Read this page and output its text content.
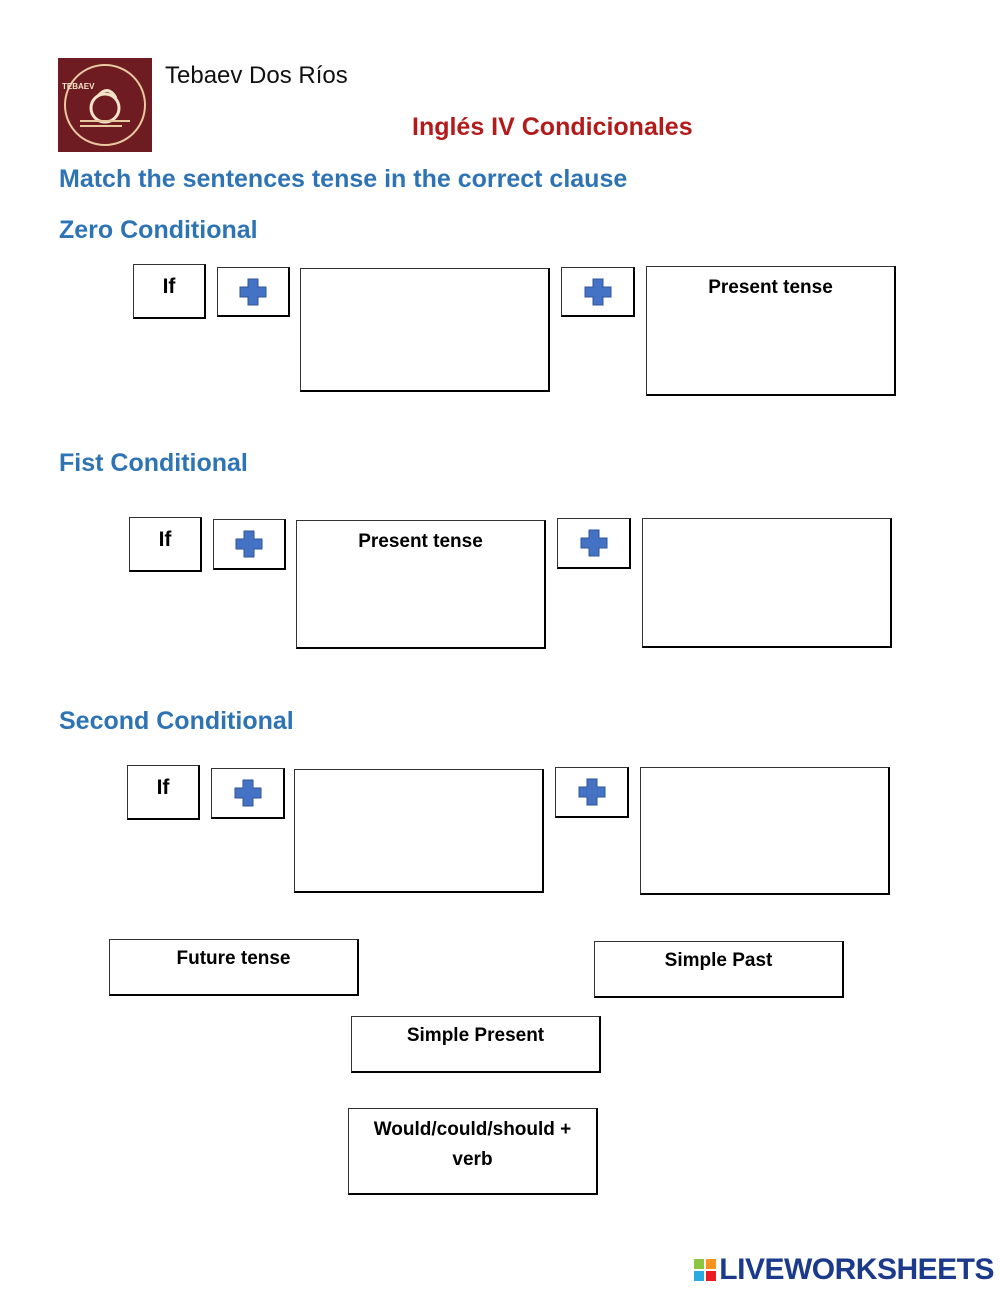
TEBAEV	Tebaev Dos Ríos
Inglés IV Condicionales
Match the sentences tense in the correct clause
Zero Conditional
If	Present tense
Fist Conditional
If	Present tense
Second Conditional
If
Future tense	Simple Past
Simple Present
Would/could/should + verb
LIVEWORKSHEETS
